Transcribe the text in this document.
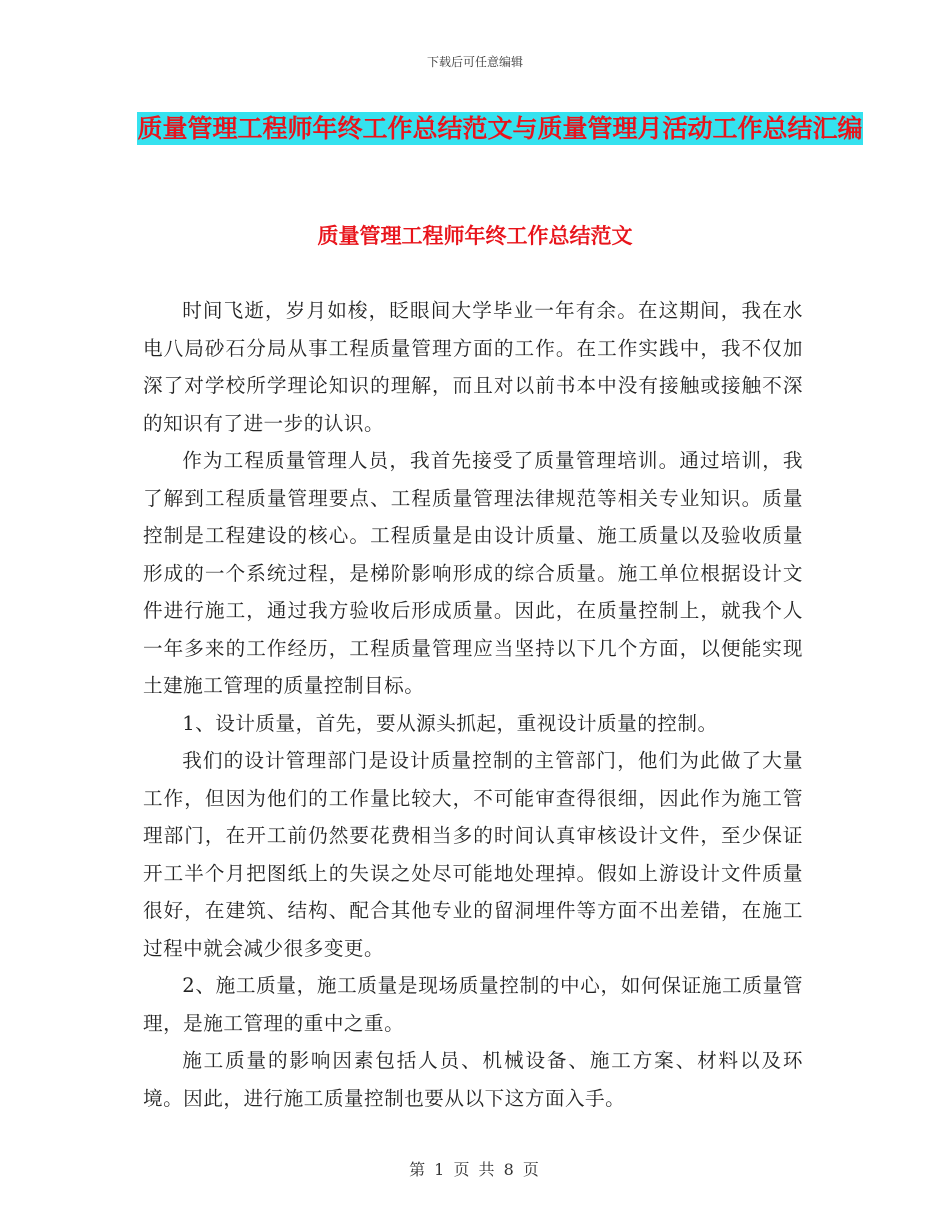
下载后可任意编辑
质量管理工程师年终工作总结范文与质量管理月活动工作总结汇编
质量管理工程师年终工作总结范文

时间飞逝，岁月如梭，眨眼间大学毕业一年有余。在这期间，我在水电八局砂石分局从事工程质量管理方面的工作。在工作实践中，我不仅加深了对学校所学理论知识的理解，而且对以前书本中没有接触或接触不深的知识有了进一步的认识。

作为工程质量管理人员，我首先接受了质量管理培训。通过培训，我了解到工程质量管理要点、工程质量管理法律规范等相关专业知识。质量控制是工程建设的核心。工程质量是由设计质量、施工质量以及验收质量形成的一个系统过程，是梯阶影响形成的综合质量。施工单位根据设计文件进行施工，通过我方验收后形成质量。因此，在质量控制上，就我个人一年多来的工作经历，工程质量管理应当坚持以下几个方面，以便能实现土建施工管理的质量控制目标。

1、设计质量，首先，要从源头抓起，重视设计质量的控制。

我们的设计管理部门是设计质量控制的主管部门，他们为此做了大量工作，但因为他们的工作量比较大，不可能审查得很细，因此作为施工管理部门，在开工前仍然要花费相当多的时间认真审核设计文件，至少保证开工半个月把图纸上的失误之处尽可能地处理掉。假如上游设计文件质量很好，在建筑、结构、配合其他专业的留洞埋件等方面不出差错，在施工过程中就会减少很多变更。

2、施工质量，施工质量是现场质量控制的中心，如何保证施工质量管理，是施工管理的重中之重。

施工质量的影响因素包括人员、机械设备、施工方案、材料以及环境。因此，进行施工质量控制也要从以下这方面入手。

第 1 页 共 8 页
